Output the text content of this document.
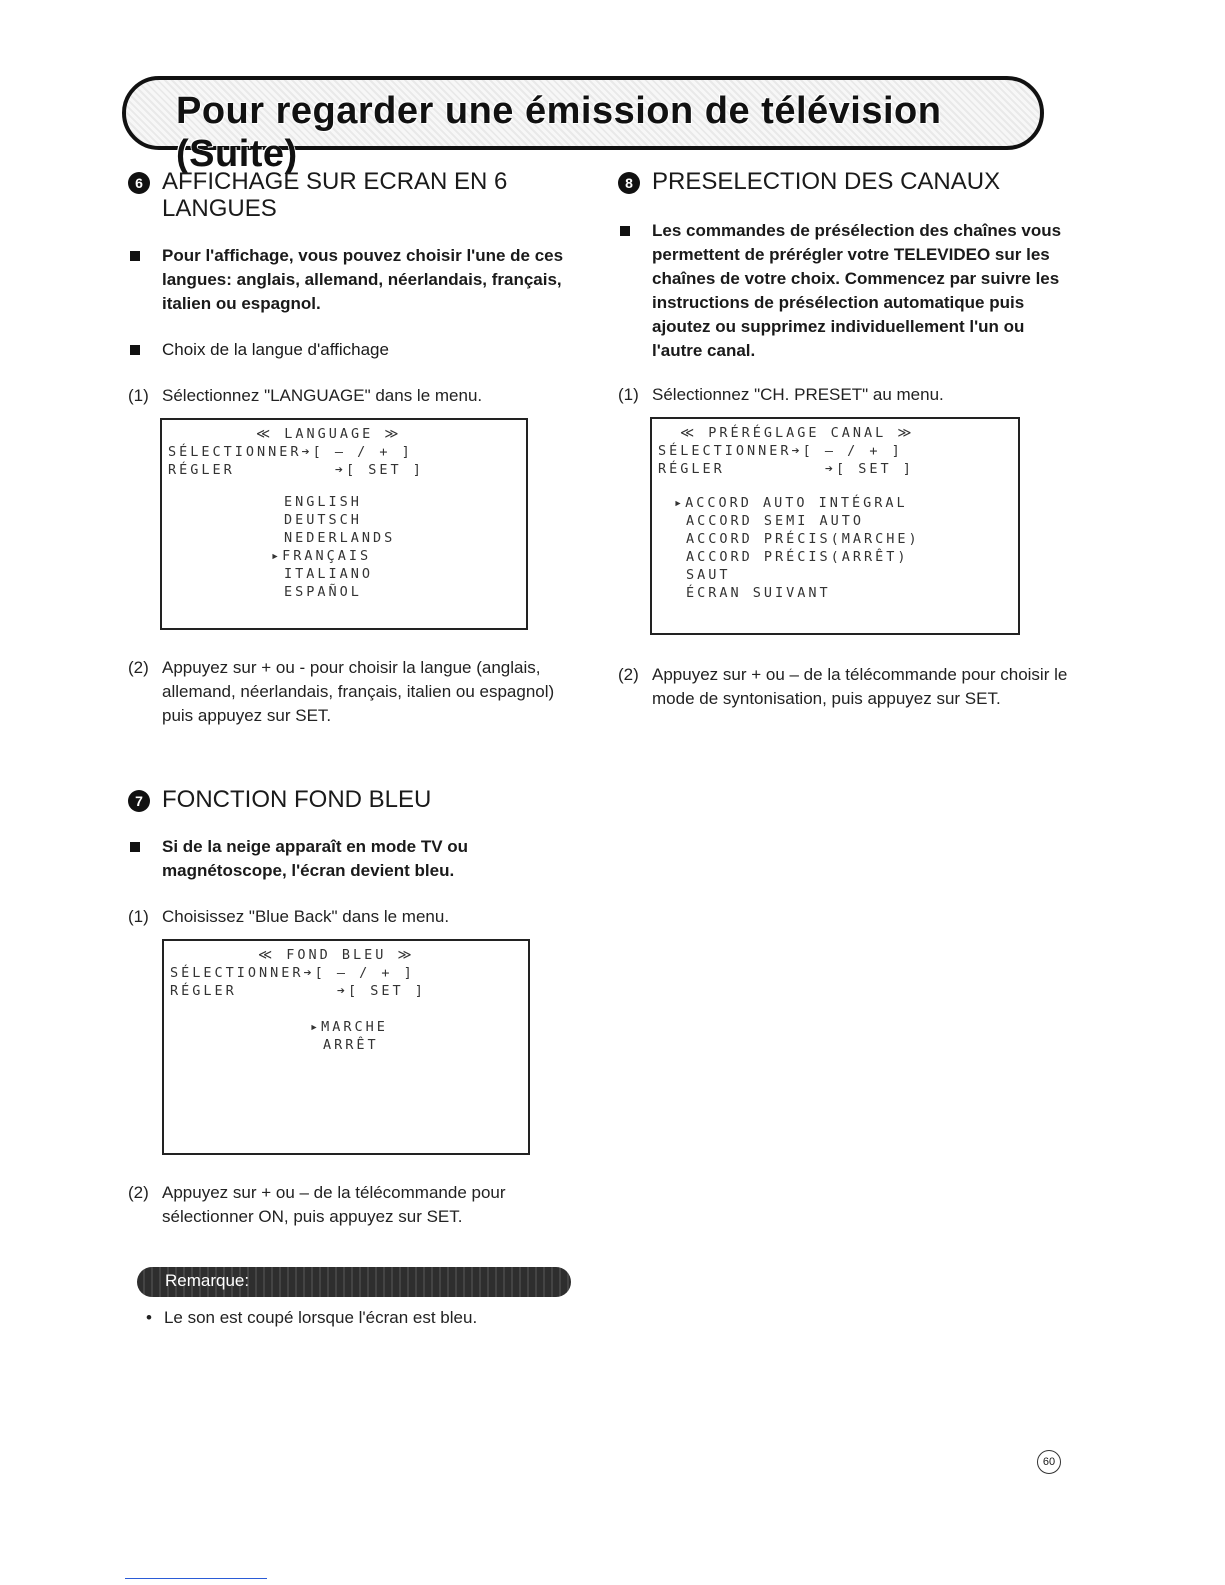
Pour regarder une émission de télévision (Suite)
6 AFFICHAGE SUR ECRAN EN 6 LANGUES

Pour l'affichage, vous pouvez choisir l'une de ces langues: anglais, allemand, néerlandais, français, italien ou espagnol.

Choix de la langue d'affichage

(1) Sélectionnez "LANGUAGE" dans le menu.

≪ LANGUAGE ≫
SÉLECTIONNER➔[ – / + ]
RÉGLER         ➔[ SET ]
ENGLISH
DEUTSCH
NEDERLANDS
▸FRANÇAIS
ITALIANO
ESPAÑOL

(2) Appuyez sur + ou - pour choisir la langue (anglais, allemand, néerlandais, français, italien ou espagnol) puis appuyez sur SET.

7 FONCTION FOND BLEU

Si de la neige apparaît en mode TV ou magnétoscope, l'écran devient bleu.

(1) Choisissez "Blue Back" dans le menu.

≪ FOND BLEU ≫
SÉLECTIONNER➔[ – / + ]
RÉGLER         ➔[ SET ]
▸MARCHE
ARRÊT

(2) Appuyez sur + ou – de la télécommande pour sélectionner ON, puis appuyez sur SET.

8 PRESELECTION DES CANAUX

Les commandes de présélection des chaînes vous permettent de prérégler votre TELEVIDEO sur les chaînes de votre choix. Commencez par suivre les instructions de présélection automatique puis ajoutez ou supprimez individuellement l'un ou l'autre canal.

(1) Sélectionnez "CH. PRESET" au menu.

≪ PRÉRÉGLAGE CANAL ≫
SÉLECTIONNER➔[ – / + ]
RÉGLER         ➔[ SET ]
▸ACCORD AUTO INTÉGRAL
ACCORD SEMI AUTO
ACCORD PRÉCIS(MARCHE)
ACCORD PRÉCIS(ARRÊT)
SAUT
ÉCRAN SUIVANT

(2) Appuyez sur + ou – de la télécommande pour choisir le mode de syntonisation, puis appuyez sur SET.

Remarque:
• Le son est coupé lorsque l'écran est bleu.
60
